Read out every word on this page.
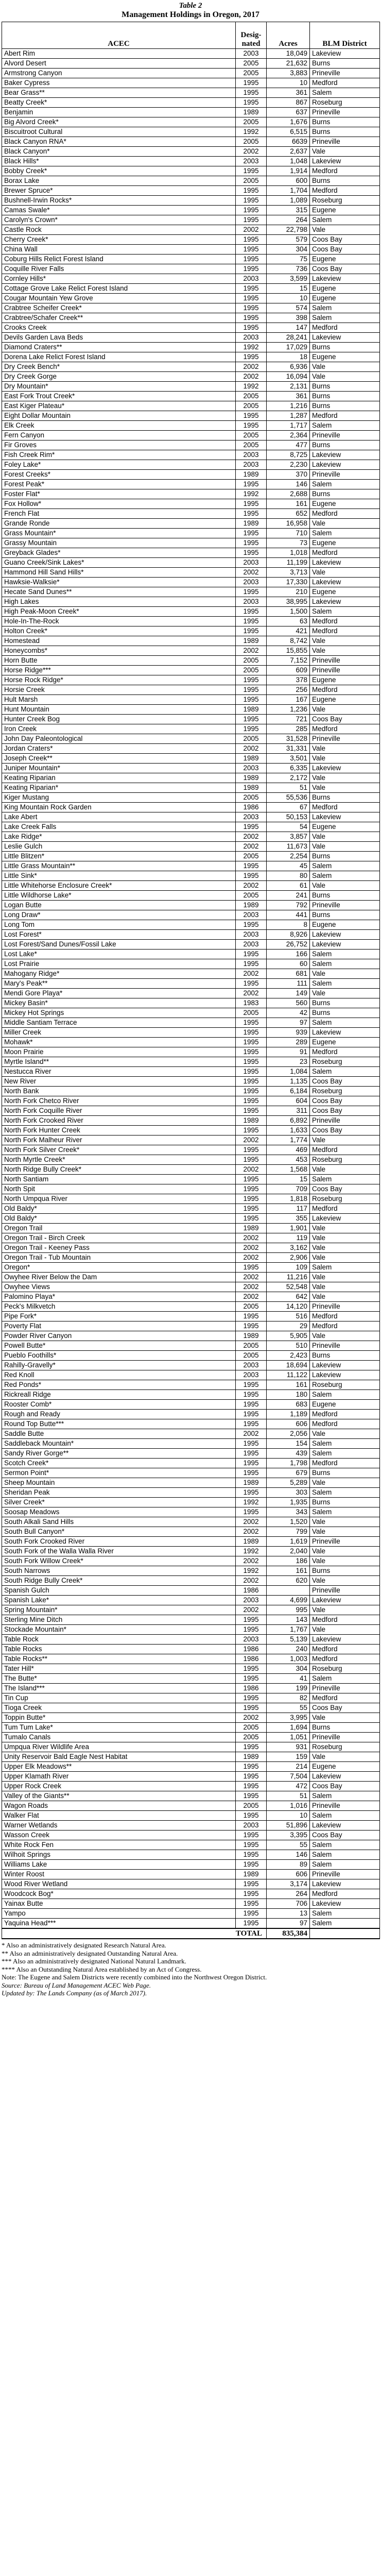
Table 2
Management Holdings in Oregon, 2017
ACEC	Desig-nated	Acres	BLM District
Abert Rim	2003	18,049	Lakeview
Alvord Desert	2005	21,632	Burns
Armstrong Canyon	2005	3,883	Prineville
Baker Cypress	1995	10	Medford
Bear Grass**	1995	361	Salem
Beatty Creek*	1995	867	Roseburg
Benjamin	1989	637	Prineville
Big Alvord Creek*	2005	1,676	Burns
Biscuitroot Cultural	1992	6,515	Burns
Black Canyon RNA*	2005	6639	Prineville
Black Canyon*	2002	2,637	Vale
Black Hills*	2003	1,048	Lakeview
Bobby Creek*	1995	1,914	Medford
Borax Lake	2005	600	Burns
Brewer Spruce*	1995	1,704	Medford
Bushnell-Irwin Rocks*	1995	1,089	Roseburg
Camas Swale*	1995	315	Eugene
Carolyn's Crown*	1995	264	Salem
Castle Rock	2002	22,798	Vale
Cherry Creek*	1995	579	Coos Bay
China Wall	1995	304	Coos Bay
Coburg Hills Relict Forest Island	1995	75	Eugene
Coquille River Falls	1995	736	Coos Bay
Cornley Hills*	2003	3,599	Lakeview
Cottage Grove Lake Relict Forest Island	1995	15	Eugene
Cougar Mountain Yew Grove	1995	10	Eugene
Crabtree Scheifer Creek*	1995	574	Salem
Crabtree/Schafer Creek**	1995	398	Salem
Crooks Creek	1995	147	Medford
Devils Garden Lava Beds	2003	28,241	Lakeview
Diamond Craters**	1992	17,029	Burns
Dorena Lake Relict Forest Island	1995	18	Eugene
Dry Creek Bench*	2002	6,936	Vale
Dry Creek Gorge	2002	16,094	Vale
Dry Mountain*	1992	2,131	Burns
East Fork Trout Creek*	2005	361	Burns
East Kiger Plateau*	2005	1,216	Burns
Eight Dollar Mountain	1995	1,287	Medford
Elk Creek	1995	1,717	Salem
Fern Canyon	2005	2,364	Prineville
Fir Groves	2005	477	Burns
Fish Creek Rim*	2003	8,725	Lakeview
Foley Lake*	2003	2,230	Lakeview
Forest Creeks*	1989	370	Prineville
Forest Peak*	1995	146	Salem
Foster Flat*	1992	2,688	Burns
Fox Hollow*	1995	161	Eugene
French Flat	1995	652	Medford
Grande Ronde	1989	16,958	Vale
Grass Mountain*	1995	710	Salem
Grassy Mountain	1995	73	Eugene
Greyback Glades*	1995	1,018	Medford
Guano Creek/Sink Lakes*	2003	11,199	Lakeview
Hammond Hill Sand Hills*	2002	3,713	Vale
Hawksie-Walksie*	2003	17,330	Lakeview
Hecate Sand Dunes**	1995	210	Eugene
High Lakes	2003	38,995	Lakeview
High Peak-Moon Creek*	1995	1,500	Salem
Hole-In-The-Rock	1995	63	Medford
Holton Creek*	1995	421	Medford
Homestead	1989	8,742	Vale
Honeycombs*	2002	15,855	Vale
Horn Butte	2005	7,152	Prineville
Horse Ridge***	2005	609	Prineville
Horse Rock Ridge*	1995	378	Eugene
Horsie Creek	1995	256	Medford
Hult Marsh	1995	167	Eugene
Hunt Mountain	1989	1,236	Vale
Hunter Creek Bog	1995	721	Coos Bay
Iron Creek	1995	285	Medford
John Day Paleontological	2005	31,528	Prineville
Jordan Craters*	2002	31,331	Vale
Joseph Creek**	1989	3,501	Vale
Juniper Mountain*	2003	6,335	Lakeview
Keating Riparian	1989	2,172	Vale
Keating Riparian*	1989	51	Vale
Kiger Mustang	2005	55,536	Burns
King Mountain Rock Garden	1986	67	Medford
Lake Abert	2003	50,153	Lakeview
Lake Creek Falls	1995	54	Eugene
Lake Ridge*	2002	3,857	Vale
Leslie Gulch	2002	11,673	Vale
Little Blitzen*	2005	2,254	Burns
Little Grass Mountain**	1995	45	Salem
Little Sink*	1995	80	Salem
Little Whitehorse Enclosure Creek*	2002	61	Vale
Little Wildhorse Lake*	2005	241	Burns
Logan Butte	1989	792	Prineville
Long Draw*	2003	441	Burns
Long Tom	1995	8	Eugene
Lost Forest*	2003	8,926	Lakeview
Lost Forest/Sand Dunes/Fossil Lake	2003	26,752	Lakeview
Lost Lake*	1995	166	Salem
Lost Prairie	1995	60	Salem
Mahogany Ridge*	2002	681	Vale
Mary's Peak**	1995	111	Salem
Mendi Gore Playa*	2002	149	Vale
Mickey Basin*	1983	560	Burns
Mickey Hot Springs	2005	42	Burns
Middle Santiam Terrace	1995	97	Salem
Miller Creek	1995	939	Lakeview
Mohawk*	1995	289	Eugene
Moon Prairie	1995	91	Medford
Myrtle Island**	1995	23	Roseburg
Nestucca River	1995	1,084	Salem
New River	1995	1,135	Coos Bay
North Bank	1995	6,184	Roseburg
North Fork Chetco River	1995	604	Coos Bay
North Fork Coquille River	1995	311	Coos Bay
North Fork Crooked River	1989	6,892	Prineville
North Fork Hunter Creek	1995	1,633	Coos Bay
North Fork Malheur River	2002	1,774	Vale
North Fork Silver Creek*	1995	469	Medford
North Myrtle Creek*	1995	453	Roseburg
North Ridge Bully Creek*	2002	1,568	Vale
North Santiam	1995	15	Salem
North Spit	1995	709	Coos Bay
North Umpqua River	1995	1,818	Roseburg
Old Baldy*	1995	117	Medford
Old Baldy*	1995	355	Lakeview
Oregon Trail	1989	1,901	Vale
Oregon Trail - Birch Creek	2002	119	Vale
Oregon Trail - Keeney Pass	2002	3,162	Vale
Oregon Trail - Tub Mountain	2002	2,906	Vale
Oregon*	1995	109	Salem
Owyhee River Below the Dam	2002	11,216	Vale
Owyhee Views	2002	52,548	Vale
Palomino Playa*	2002	642	Vale
Peck's Milkvetch	2005	14,120	Prineville
Pipe Fork*	1995	516	Medford
Poverty Flat	1995	29	Medford
Powder River Canyon	1989	5,905	Vale
Powell Butte*	2005	510	Prineville
Pueblo Foothills*	2005	2,423	Burns
Rahilly-Gravelly*	2003	18,694	Lakeview
Red Knoll	2003	11,122	Lakeview
Red Ponds*	1995	161	Roseburg
Rickreall Ridge	1995	180	Salem
Rooster Comb*	1995	683	Eugene
Rough and Ready	1995	1,189	Medford
Round Top Butte***	1995	606	Medford
Saddle Butte	2002	2,056	Vale
Saddleback Mountain*	1995	154	Salem
Sandy River Gorge**	1995	439	Salem
Scotch Creek*	1995	1,798	Medford
Sermon Point*	1995	679	Burns
Sheep Mountain	1989	5,289	Vale
Sheridan Peak	1995	303	Salem
Silver Creek*	1992	1,935	Burns
Soosap Meadows	1995	343	Salem
South Alkali Sand Hills	2002	1,520	Vale
South Bull Canyon*	2002	799	Vale
South Fork Crooked River	1989	1,619	Prineville
South Fork of the Walla Walla River	1992	2,040	Vale
South Fork Willow Creek*	2002	186	Vale
South Narrows	1992	161	Burns
South Ridge Bully Creek*	2002	620	Vale
Spanish Gulch	1986		Prineville
Spanish Lake*	2003	4,699	Lakeview
Spring Mountain*	2002	995	Vale
Sterling Mine Ditch	1995	143	Medford
Stockade Mountain*	1995	1,767	Vale
Table Rock	2003	5,139	Lakeview
Table Rocks	1986	240	Medford
Table Rocks**	1986	1,003	Medford
Tater Hill*	1995	304	Roseburg
The Butte*	1995	41	Salem
The Island***	1986	199	Prineville
Tin Cup	1995	82	Medford
Tioga Creek	1995	55	Coos Bay
Toppin Butte*	2002	3,995	Vale
Tum Tum Lake*	2005	1,694	Burns
Tumalo Canals	2005	1,051	Prineville
Umpqua River Wildlife Area	1995	931	Roseburg
Unity Reservoir Bald Eagle Nest Habitat	1989	159	Vale
Upper Elk Meadows**	1995	214	Eugene
Upper Klamath River	1995	7,504	Lakeview
Upper Rock Creek	1995	472	Coos Bay
Valley of the Giants**	1995	51	Salem
Wagon Roads	2005	1,016	Prineville
Walker Flat	1995	10	Salem
Warner Wetlands	2003	51,896	Lakeview
Wasson Creek	1995	3,395	Coos Bay
White Rock Fen	1995	55	Salem
Wilhoit Springs	1995	146	Salem
Williams Lake	1995	89	Salem
Winter Roost	1989	606	Prineville
Wood River Wetland	1995	3,174	Lakeview
Woodcock Bog*	1995	264	Medford
Yainax Butte	1995	706	Lakeview
Yampo	1995	13	Salem
Yaquina Head***	1995	97	Salem
TOTAL		835,384	

* Also an administratively designated Research Natural Area.

** Also an administratively designated Outstanding Natural Area.

*** Also an administratively designated National Natural Landmark.

**** Also an Outstanding Natural Area established by an Act of Congress.

Note: The Eugene and Salem Districts were recently combined into the Northwest Oregon District.

Source: Bureau of Land Management ACEC Web Page.

Updated by: The Lands Company (as of March 2017).
